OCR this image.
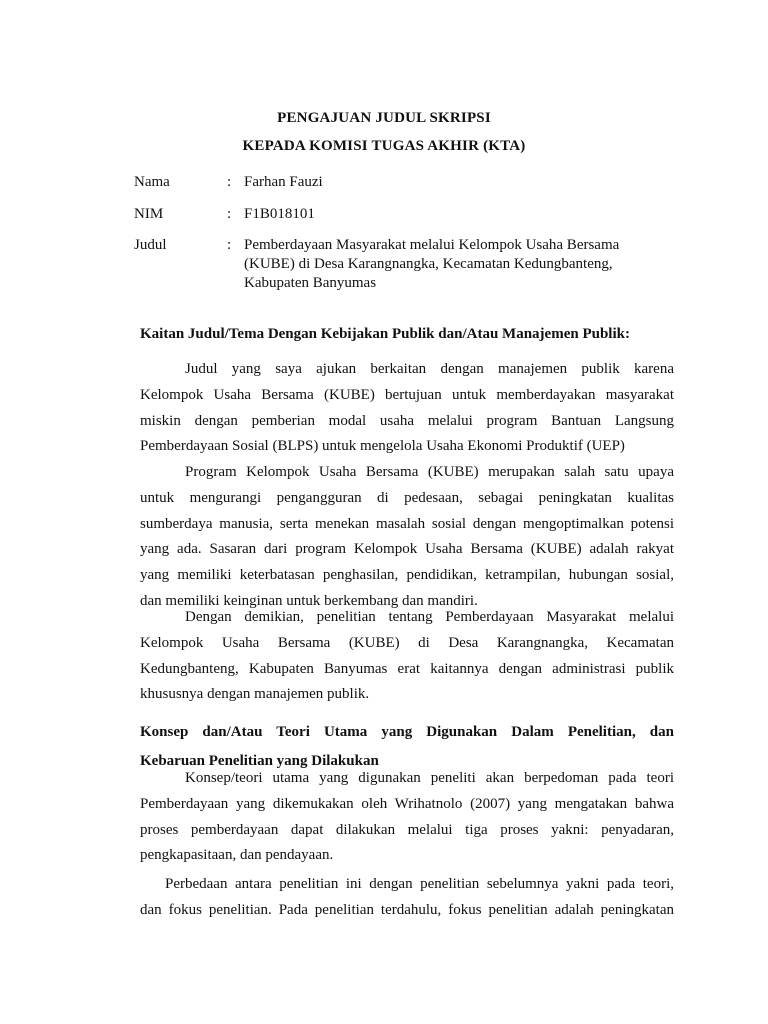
PENGAJUAN JUDUL SKRIPSI
KEPADA KOMISI TUGAS AKHIR (KTA)
Nama	: Farhan Fauzi
NIM	: F1B018101
Judul	: Pemberdayaan Masyarakat melalui Kelompok Usaha Bersama
(KUBE) di Desa Karangnangka, Kecamatan Kedungbanteng,
Kabupaten Banyumas
Kaitan Judul/Tema Dengan Kebijakan Publik dan/Atau Manajemen Publik:
Judul yang saya ajukan berkaitan dengan manajemen publik karena
Kelompok Usaha Bersama (KUBE) bertujuan untuk memberdayakan masyarakat
miskin dengan pemberian modal usaha melalui program Bantuan Langsung
Pemberdayaan Sosial (BLPS) untuk mengelola Usaha Ekonomi Produktif (UEP)
Program Kelompok Usaha Bersama (KUBE) merupakan salah satu upaya
untuk mengurangi pengangguran di pedesaan, sebagai peningkatan kualitas
sumberdaya manusia, serta menekan masalah sosial dengan mengoptimalkan potensi
yang ada. Sasaran dari program Kelompok Usaha Bersama (KUBE) adalah rakyat
yang memiliki keterbatasan penghasilan, pendidikan, ketrampilan, hubungan sosial,
dan memiliki keinginan untuk berkembang dan mandiri.
Dengan demikian, penelitian tentang Pemberdayaan Masyarakat melalui
Kelompok Usaha Bersama (KUBE) di Desa Karangnangka, Kecamatan
Kedungbanteng, Kabupaten Banyumas erat kaitannya dengan administrasi publik
khususnya dengan manajemen publik.
Konsep dan/Atau Teori Utama yang Digunakan Dalam Penelitian, dan
Kebaruan Penelitian yang Dilakukan
Konsep/teori utama yang digunakan peneliti akan berpedoman pada teori
Pemberdayaan yang dikemukakan oleh Wrihatnolo (2007) yang mengatakan bahwa
proses pemberdayaan dapat dilakukan melalui tiga proses yakni: penyadaran,
pengkapasitaan, dan pendayaan.
Perbedaan antara penelitian ini dengan penelitian sebelumnya yakni pada teori,
dan fokus penelitian. Pada penelitian terdahulu, fokus penelitian adalah peningkatan
